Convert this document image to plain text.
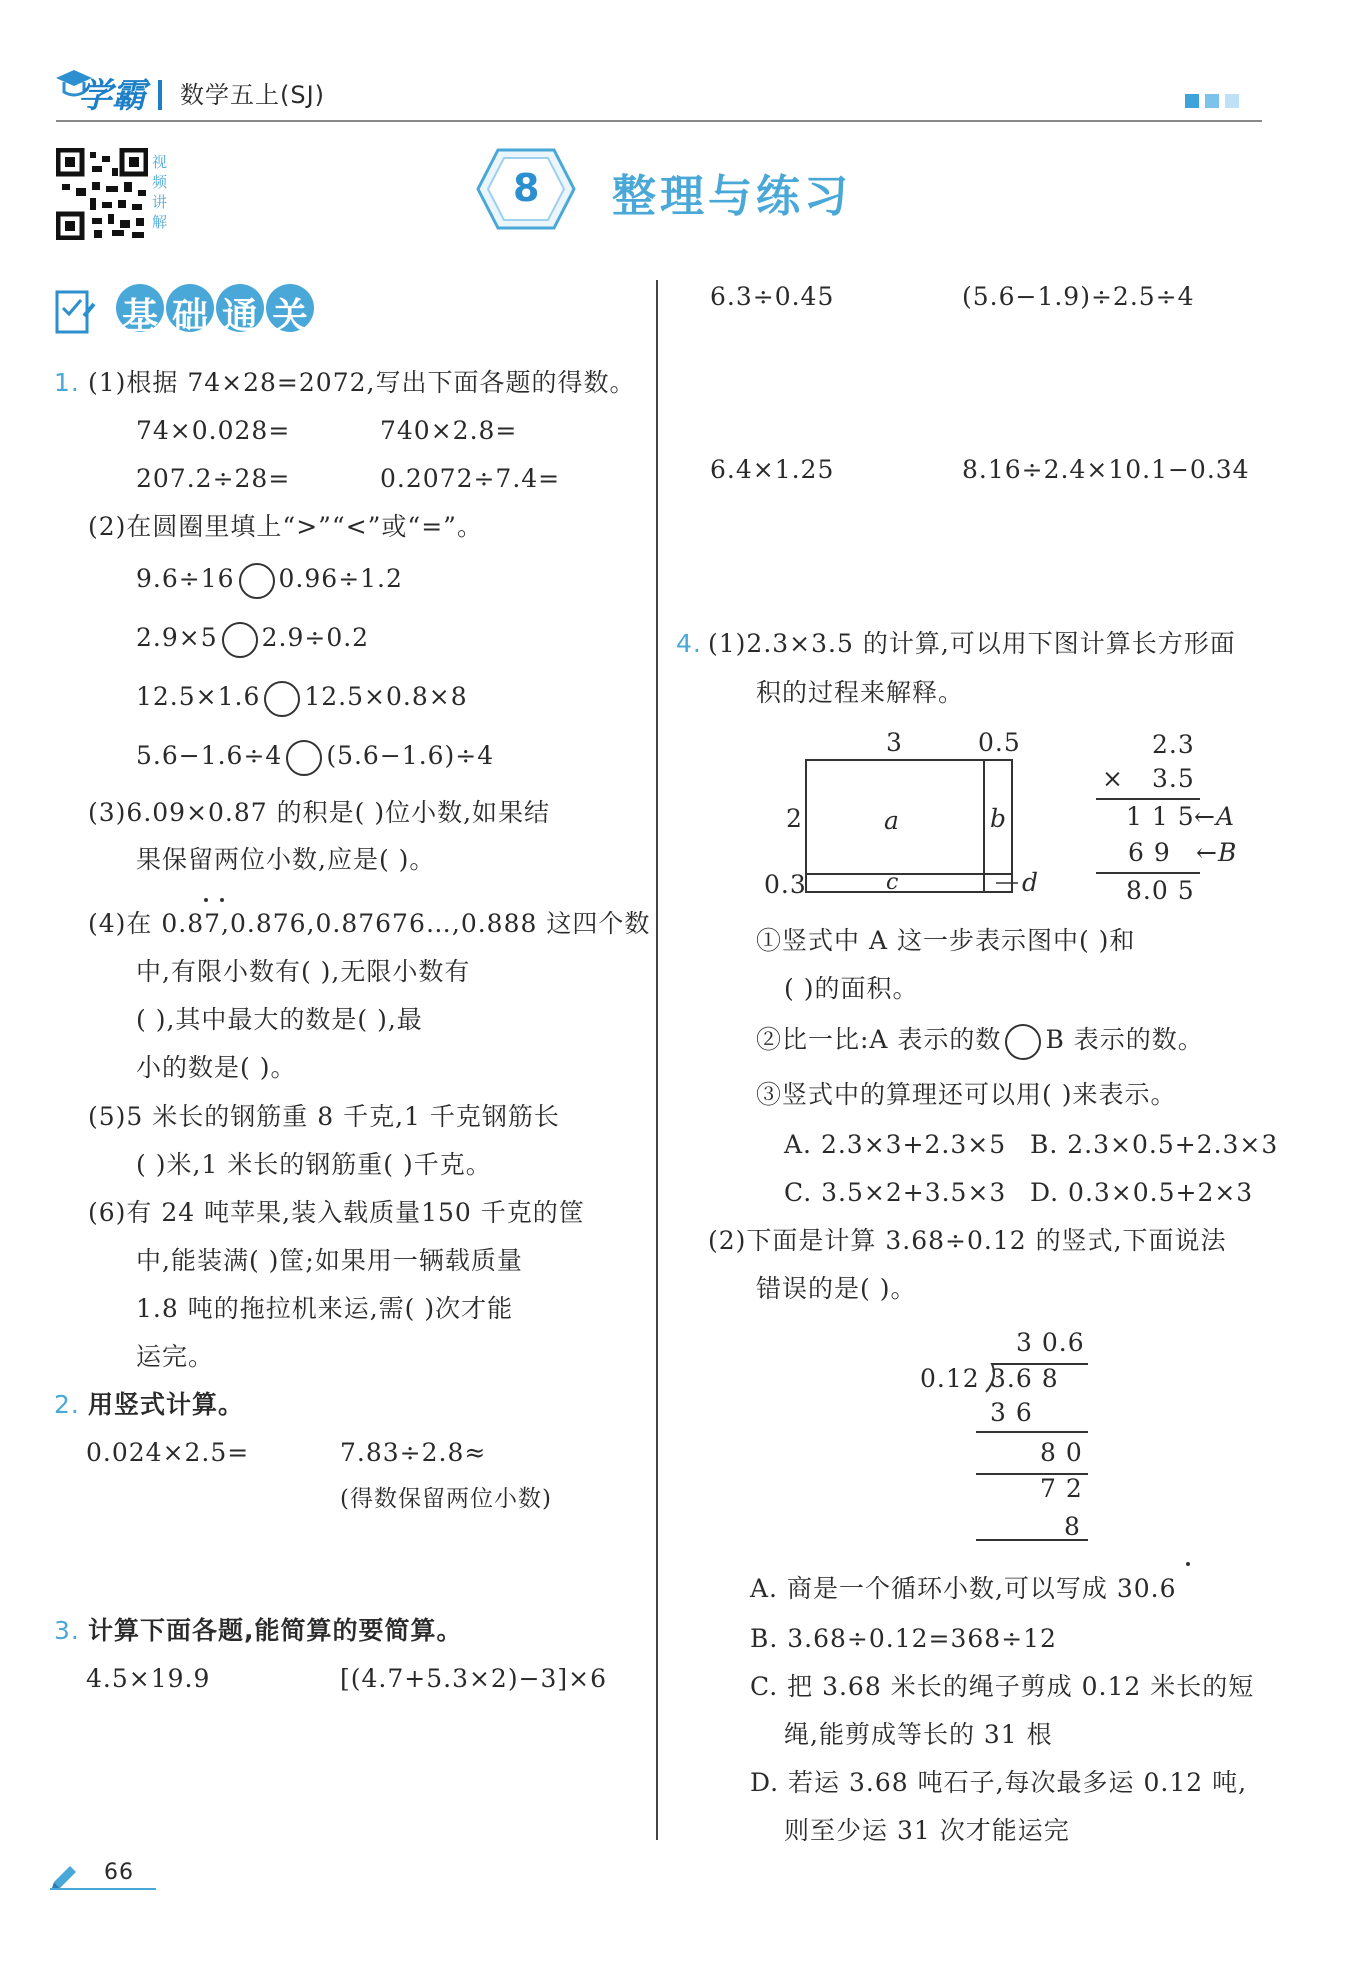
学霸 数学五上(SJ)
视频讲解
8 整理与练习
基础通关
1. (1)根据 74×28=2072,写出下面各题的得数。
74×0.028=	740×2.8=
207.2÷28=	0.2072÷7.4=
(2)在圆圈里填上“>”“<”或“=”。
9.6÷16 0.96÷1.2
2.9×5 2.9÷0.2
12.5×1.6 12.5×0.8×8
5.6−1.6÷4 (5.6−1.6)÷4
(3)6.09×0.87 的积是( )位小数,如果结
果保留两位小数,应是( )。
(4)在 0.87,0.876,0.87676…,0.888 这四个数
中,有限小数有( ),无限小数有
( ),其中最大的数是( ),最
小的数是( )。
(5)5 米长的钢筋重 8 千克,1 千克钢筋长
( )米,1 米长的钢筋重( )千克。
(6)有 24 吨苹果,装入载质量150 千克的筐
中,能装满( )筐;如果用一辆载质量
1.8 吨的拖拉机来运,需( )次才能
运完。
2. 用竖式计算。
0.024×2.5=	7.83÷2.8≈
(得数保留两位小数)
3. 计算下面各题,能简算的要简算。
4.5×19.9	[(4.7+5.3×2)−3]×6
6.3÷0.45	(5.6−1.9)÷2.5÷4
6.4×1.25	8.16÷2.4×10.1−0.34
4. (1)2.3×3.5 的计算,可以用下图计算长方形面
积的过程来解释。
3	0.5
2
0.3
a	b
c	d
2.3
× 3.5
1 1 5 ←A
6 9 ←B
8.0 5
①竖式中 A 这一步表示图中( )和
( )的面积。
②比一比:A 表示的数 B 表示的数。
③竖式中的算理还可以用( )来表示。
A. 2.3×3+2.3×5 B. 2.3×0.5+2.3×3
C. 3.5×2+3.5×3 D. 0.3×0.5+2×3
(2)下面是计算 3.68÷0.12 的竖式,下面说法
错误的是( )。
3 0.6
0.12 3.6 8
3 6
8 0
7 2
8
A. 商是一个循环小数,可以写成 30.6
B. 3.68÷0.12=368÷12
C. 把 3.68 米长的绳子剪成 0.12 米长的短
绳,能剪成等长的 31 根
D. 若运 3.68 吨石子,每次最多运 0.12 吨,
则至少运 31 次才能运完
66
